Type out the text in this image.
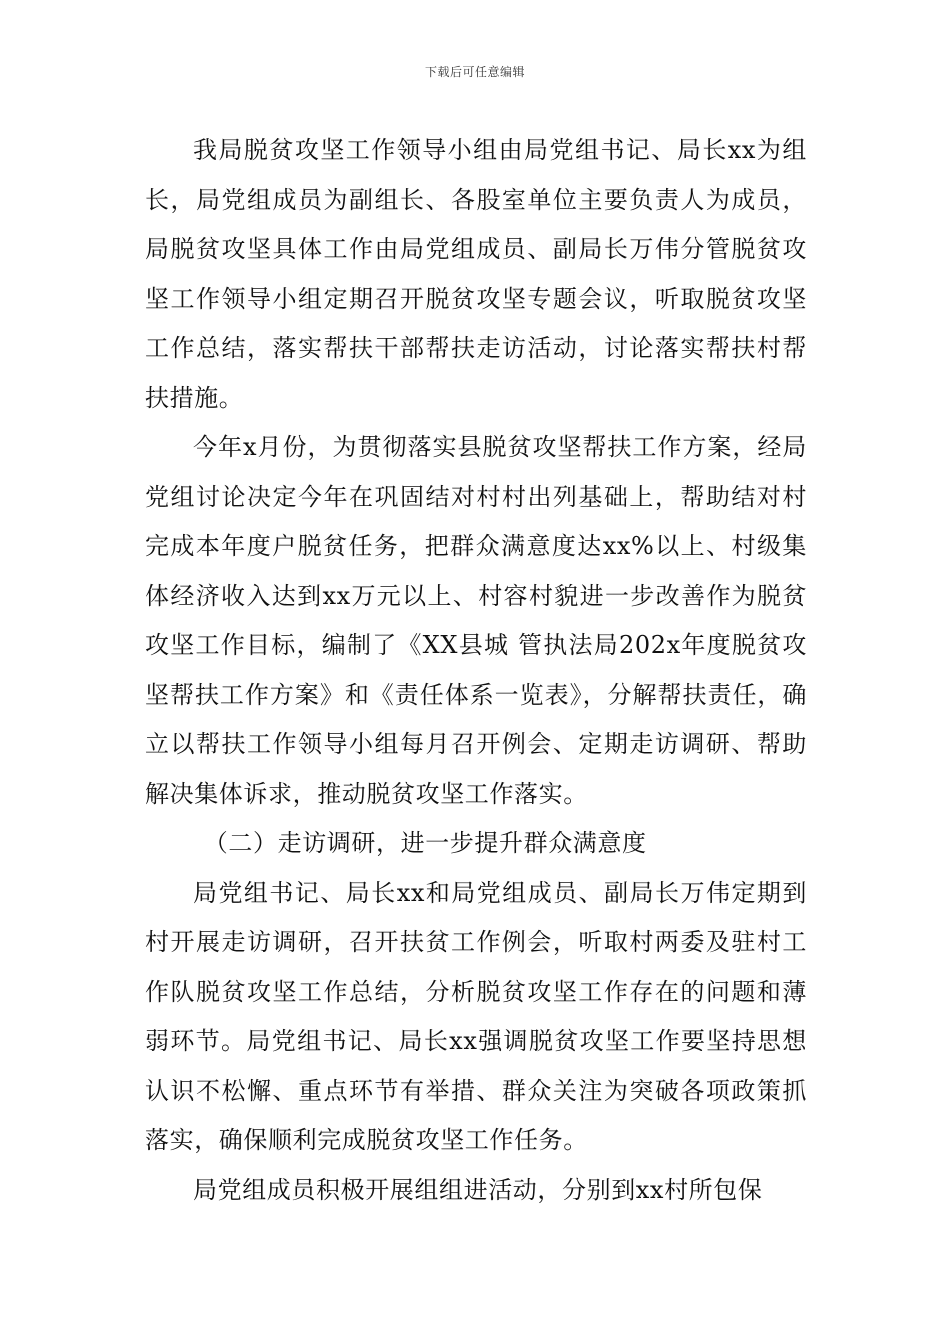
下载后可任意编辑

我局脱贫攻坚工作领导小组由局党组书记、局长xx为组长，局党组成员为副组长、各股室单位主要负责人为成员，局脱贫攻坚具体工作由局党组成员、副局长万伟分管脱贫攻坚工作领导小组定期召开脱贫攻坚专题会议，听取脱贫攻坚工作总结，落实帮扶干部帮扶走访活动，讨论落实帮扶村帮扶措施。

今年x月份，为贯彻落实县脱贫攻坚帮扶工作方案，经局党组讨论决定今年在巩固结对村村出列基础上，帮助结对村完成本年度户脱贫任务，把群众满意度达xx%以上、村级集体经济收入达到xx万元以上、村容村貌进一步改善作为脱贫攻坚工作目标，编制了《XX县城 管执法局202x年度脱贫攻坚帮扶工作方案》和《责任体系一览表》，分解帮扶责任，确立以帮扶工作领导小组每月召开例会、定期走访调研、帮助解决集体诉求，推动脱贫攻坚工作落实。

（二）走访调研，进一步提升群众满意度

局党组书记、局长xx和局党组成员、副局长万伟定期到村开展走访调研，召开扶贫工作例会，听取村两委及驻村工作队脱贫攻坚工作总结，分析脱贫攻坚工作存在的问题和薄弱环节。局党组书记、局长xx强调脱贫攻坚工作要坚持思想认识不松懈、重点环节有举措、群众关注为突破各项政策抓落实，确保顺利完成脱贫攻坚工作任务。

局党组成员积极开展组组进活动，分别到xx村所包保
